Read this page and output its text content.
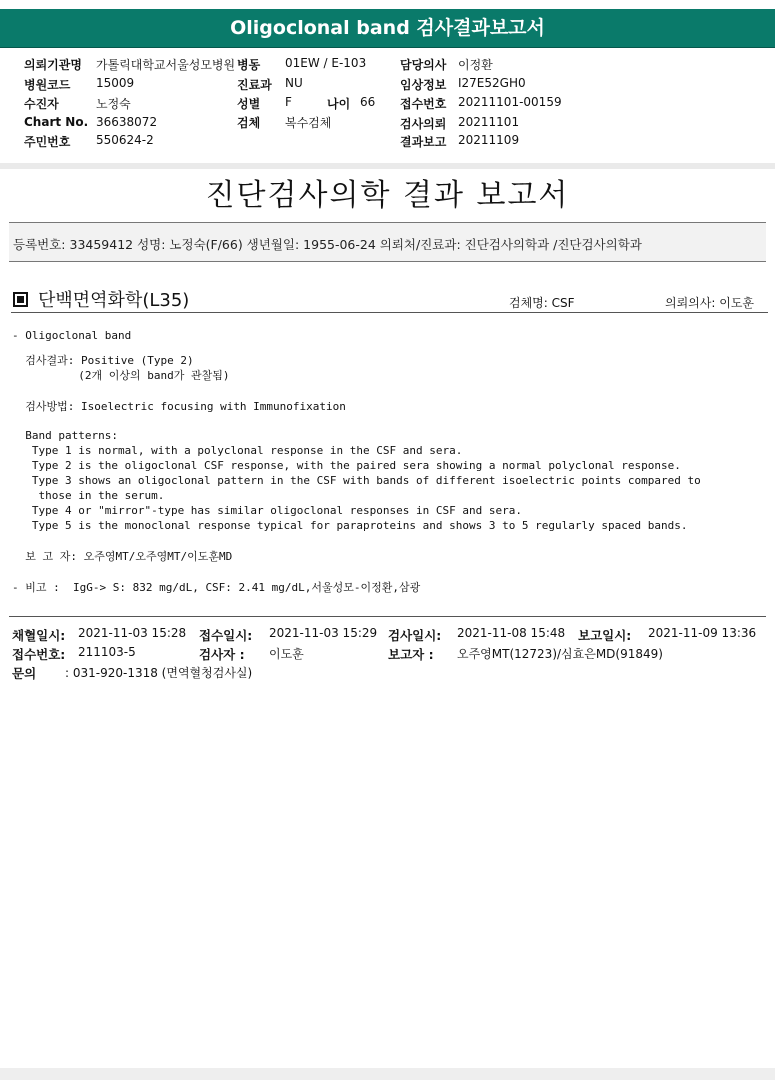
Oligoclonal band 검사결과보고서
의뢰기관명 가톨릭대학교서울성모병원 병동 01EW / E-103	담당의사 이정환
병원코드 15009	진료과 NU	임상정보 I27E52GH0
수진자	노정숙	성별 F	나이 66 접수번호 20211101-00159
Chart No. 36638072	검체 복수검체	검사의뢰 20211101
주민번호 550624-2	결과보고 20211109
진단검사의학 결과 보고서
등록번호: 33459412 성명: 노정숙(F/66) 생년월일: 1955-06-24 의뢰처/진료과: 진단검사의학과 /진단검사의학과
단백면역화학(L35)	검체명: CSF	의뢰의사: 이도훈
- Oligoclonal band
검사결과: Positive (Type 2)
(2개 이상의 band가 관찰됨)
검사방법: Isoelectric focusing with Immunofixation
Band patterns:
Type 1 is normal, with a polyclonal response in the CSF and sera.
Type 2 is the oligoclonal CSF response, with the paired sera showing a normal polyclonal response.
Type 3 shows an oligoclonal pattern in the CSF with bands of different isoelectric points compared to
those in the serum.
Type 4 or "mirror"-type has similar oligoclonal responses in CSF and sera.
Type 5 is the monoclonal response typical for paraproteins and shows 3 to 5 regularly spaced bands.
보 고 자: 오주영MT/오주영MT/이도훈MD
- 비고 :  IgG-> S: 832 mg/dL, CSF: 2.41 mg/dL,서울성모-이정환,삼광
채혈일시: 2021-11-03 15:28 접수일시: 2021-11-03 15:29 검사일시: 2021-11-08 15:48 보고일시: 2021-11-09 13:36
접수번호: 211103-5	검사자 : 이도훈	보고자 : 오주영MT(12723)/심효은MD(91849)
문의 : 031-920-1318 (면역혈청검사실)
